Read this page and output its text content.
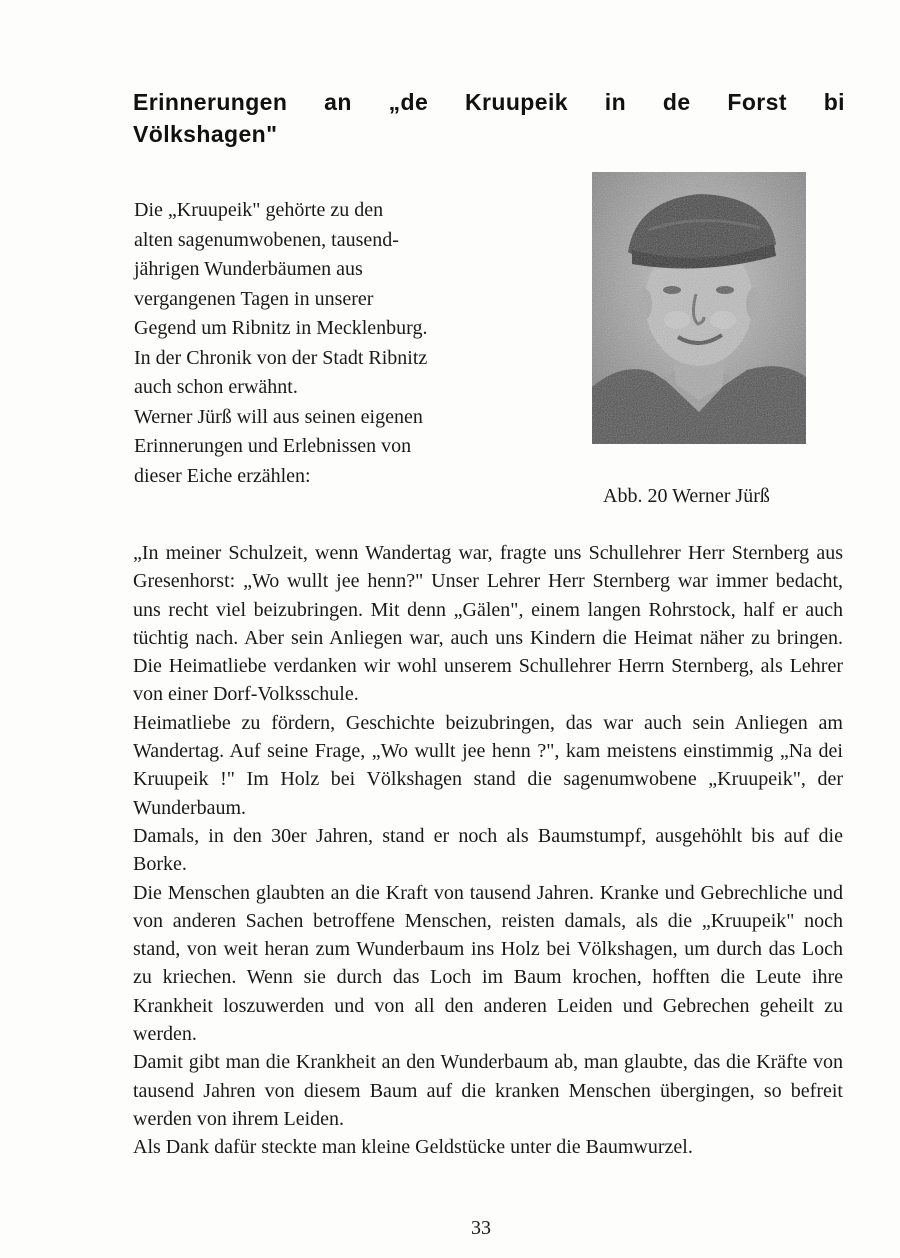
Erinnerungen an „de Kruupeik in de Forst bi
Völkshagen"
Die „Kruupeik" gehörte zu den
alten sagenumwobenen, tausend-
jährigen Wunderbäumen aus
vergangenen Tagen in unserer
Gegend um Ribnitz in Mecklenburg.
In der Chronik von der Stadt Ribnitz
auch schon erwähnt.
Werner Jürß will aus seinen eigenen
Erinnerungen und Erlebnissen von
dieser Eiche erzählen:
Abb. 20 Werner Jürß

„In meiner Schulzeit, wenn Wandertag war, fragte uns Schullehrer Herr Sternberg aus Gresenhorst: „Wo wullt jee henn?" Unser Lehrer Herr Sternberg war immer bedacht, uns recht viel beizubringen. Mit denn „Gälen", einem langen Rohrstock, half er auch tüchtig nach. Aber sein Anliegen war, auch uns Kindern die Heimat näher zu bringen. Die Heimatliebe verdanken wir wohl unserem Schullehrer Herrn Sternberg, als Lehrer von einer Dorf-Volksschule.

Heimatliebe zu fördern, Geschichte beizubringen, das war auch sein Anliegen am Wandertag. Auf seine Frage, „Wo wullt jee henn ?", kam meistens einstimmig „Na dei Kruupeik !" Im Holz bei Völkshagen stand die sagenumwobene „Kruupeik", der Wunderbaum.

Damals, in den 30er Jahren, stand er noch als Baumstumpf, ausgehöhlt bis auf die Borke.

Die Menschen glaubten an die Kraft von tausend Jahren. Kranke und Gebrechliche und von anderen Sachen betroffene Menschen, reisten damals, als die „Kruupeik" noch stand, von weit heran zum Wunderbaum ins Holz bei Völkshagen, um durch das Loch zu kriechen. Wenn sie durch das Loch im Baum krochen, hofften die Leute ihre Krankheit loszuwerden und von all den anderen Leiden und Gebrechen geheilt zu werden.

Damit gibt man die Krankheit an den Wunderbaum ab, man glaubte, das die Kräfte von tausend Jahren von diesem Baum auf die kranken Menschen übergingen, so befreit werden von ihrem Leiden.

Als Dank dafür steckte man kleine Geldstücke unter die Baumwurzel.

33
